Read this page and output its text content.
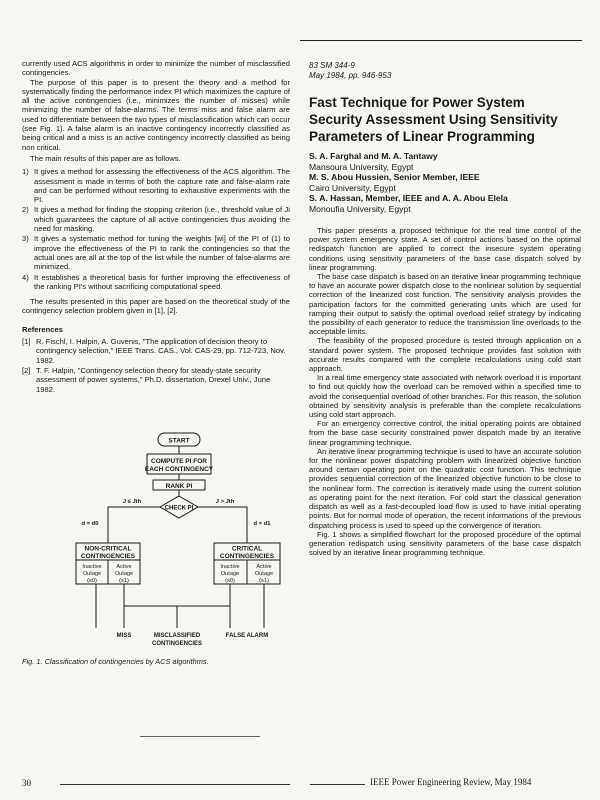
currently used ACS algorithms in order to minimize the number of misclassified contingencies.

The purpose of this paper is to present the theory and a method for systematically finding the performance index PI which maximizes the capture of all the active contingencies (i.e., minimizes the number of misses) while minimizing the number of false-alarms. The terms miss and false alarm are used to differentiate between the two types of misclassification which can occur (see Fig. 1). A false alarm is an inactive contingency incorrectly classified as being critical and a miss is an active contingency incorrectly classified as being non critical.

The main results of this paper are as follows.

1) It gives a method for assessing the effectiveness of the ACS algorithm. The assessment is made in terms of both the capture rate and false-alarm rate and can be performed without resorting to exhaustive experiments with the PI.
2) It gives a method for finding the stopping criterion (i.e., threshold value of Ji which guarantees the capture of all active contingencies thus avoiding the need for masking.
3) It gives a systematic method for tuning the weights [wi] of the PI of (1) to improve the effectiveness of the PI to rank the contingencies so that the actual ones are all at the top of the list while the number of false-alarms are minimized.
4) It establishes a theoretical basis for further improving the effectiveness of the ranking PI's without sacrificing computational speed.

The results presented in this paper are based on the theoretical study of the contingency selection problem given in [1], [2].

References
[1] R. Fischl, I. Halpin, A. Guvenis, "The application of decision theory to contingency selection," IEEE Trans. CAS., Vol. CAS-29, pp. 712-723, Nov. 1982.
[2] T. F. Halpin, "Contingency selection theory for steady-state security assessment of power systems," Ph.D. dissertation, Drexel Univ., June 1982.
START
COMPUTE PI FOR
EACH CONTINGENCY
RANK PI
CHECK PI
J ≤ Jth	J > Jth
d = d0	d = d1
NON-CRITICAL
CONTINGENCIES
CRITICAL
CONTINGENCIES
Inactive
Outage
(s0)
Active
Outage
(s1)
Inactive
Outage
(s0)
Active
Outage
(s1)
MISS	MISCLASSIFIED
CONTINGENCIES
FALSE ALARM
Fig. 1. Classification of contingencies by ACS algorithms.
83 SM 344-9
May 1984, pp. 946-953
Fast Technique for Power System Security Assessment Using Sensitivity Parameters of Linear Programming
S. A. Farghal and M. A. Tantawy
Mansoura University, Egypt
M. S. Abou Hussien, Senior Member, IEEE
Cairo University, Egypt
S. A. Hassan, Member, IEEE and A. A. Abou Elela
Monoufia University, Egypt

This paper presents a proposed technique for the real time control of the power system emergency state. A set of control actions based on the optimal redispatch function are applied to correct the insecure system operating conditions using sensitivity parameters of the base case dispatch solved by linear programming.

The base case dispatch is based on an iterative linear programming technique to have an accurate power dispatch close to the nonlinear solution by sequential correction of the linearized cost function. The sensitivity analysis provides the participation factors for the committed generating units which are used for ramping their output to satisfy the optimal overload relief strategy by indicating the possibility of each generator to reduce the transmission line overloads to the acceptable limits.

The feasibility of the proposed procedure is tested through application on a standard power system. The proposed technique provides fast solution with accurate results compared with the complete recalculations using cold start approach.

In a real time emergency state associated with network overload it is important to find out quickly how the overload can be removed within a specified time to avoid the consequential overload of other branches. For this reason, the solution obtained by sensitivity analysis is preferable than the complete recalculations using cold start approach.

For an emergency corrective control, the initial operating points are obtained from the base case security constrained power dispatch made by an iterative linear programming technique.

An iterative linear programming technique is used to have an accurate solution for the nonlinear power dispatching problem with linearized objective function around certain operating point on the quadratic cost function. This technique provides sequential correction of the linearized objective function to be close to the nonlinear form. The correction is iteratively made using the current solution as operating point for the next iteration. For cold start the classical generation dispatch as well as a fast-decoupled load flow is used to have initial operating points. But for normal mode of operation, the recent informations of the previous dispatching process is used to speed up the convergence of iteration.

Fig. 1 shows a simplified flowchart for the proposed procedure of the optimal generation redispatch using sensitivity parameters of the base case dispatch solved by an iterative linear programming technique.

30	IEEE Power Engineering Review, May 1984
